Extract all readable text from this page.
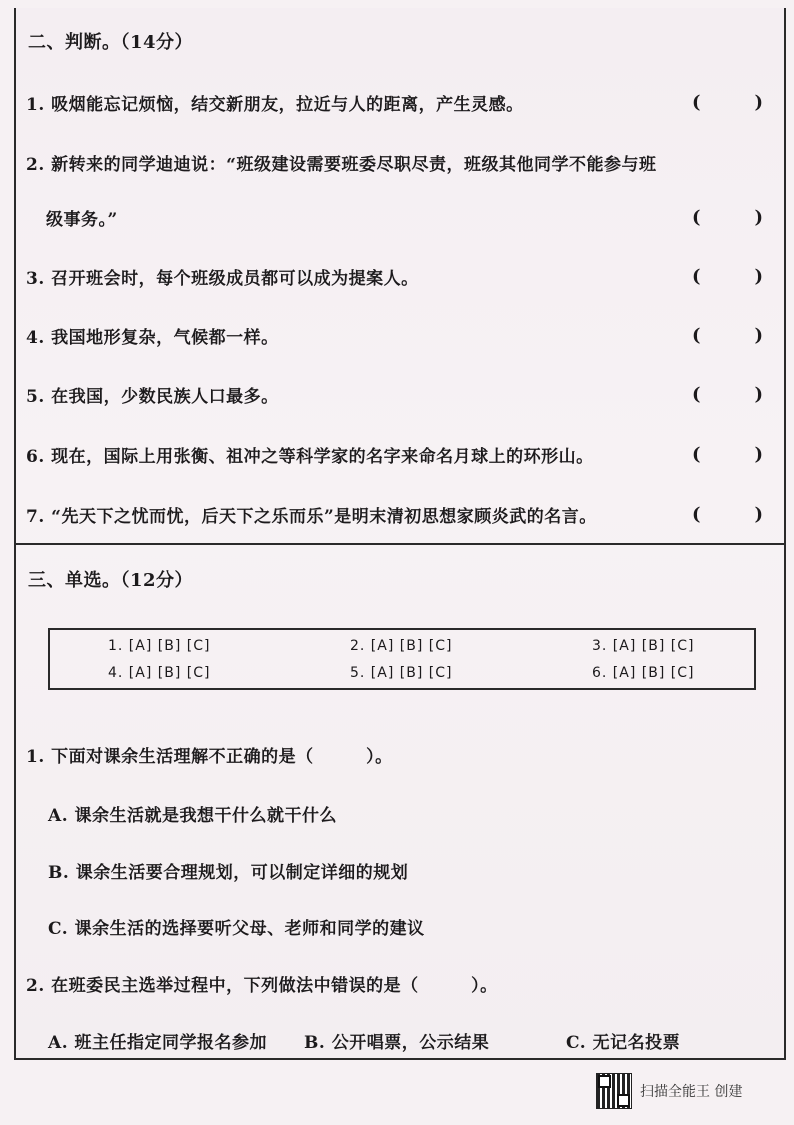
二、判断。（14分）
1. 吸烟能忘记烦恼，结交新朋友，拉近与人的距离，产生灵感。	(　　　)
2. 新转来的同学迪迪说：“班级建设需要班委尽职尽责，班级其他同学不能参与班
级事务。”	(　　　)
3. 召开班会时，每个班级成员都可以成为提案人。	(　　　)
4. 我国地形复杂，气候都一样。	(　　　)
5. 在我国，少数民族人口最多。	(　　　)
6. 现在，国际上用张衡、祖冲之等科学家的名字来命名月球上的环形山。	(　　　)
7. “先天下之忧而忧，后天下之乐而乐”是明末清初思想家顾炎武的名言。	(　　　)
三、单选。（12分）
1. [A] [B] [C]	2. [A] [B] [C]	3. [A] [B] [C]
4. [A] [B] [C]	5. [A] [B] [C]	6. [A] [B] [C]
1. 下面对课余生活理解不正确的是（　　　）。
A. 课余生活就是我想干什么就干什么
B. 课余生活要合理规划，可以制定详细的规划
C. 课余生活的选择要听父母、老师和同学的建议
2. 在班委民主选举过程中，下列做法中错误的是（　　　）。
A. 班主任指定同学报名参加 B. 公开唱票，公示结果	C. 无记名投票
扫描全能王 创建
